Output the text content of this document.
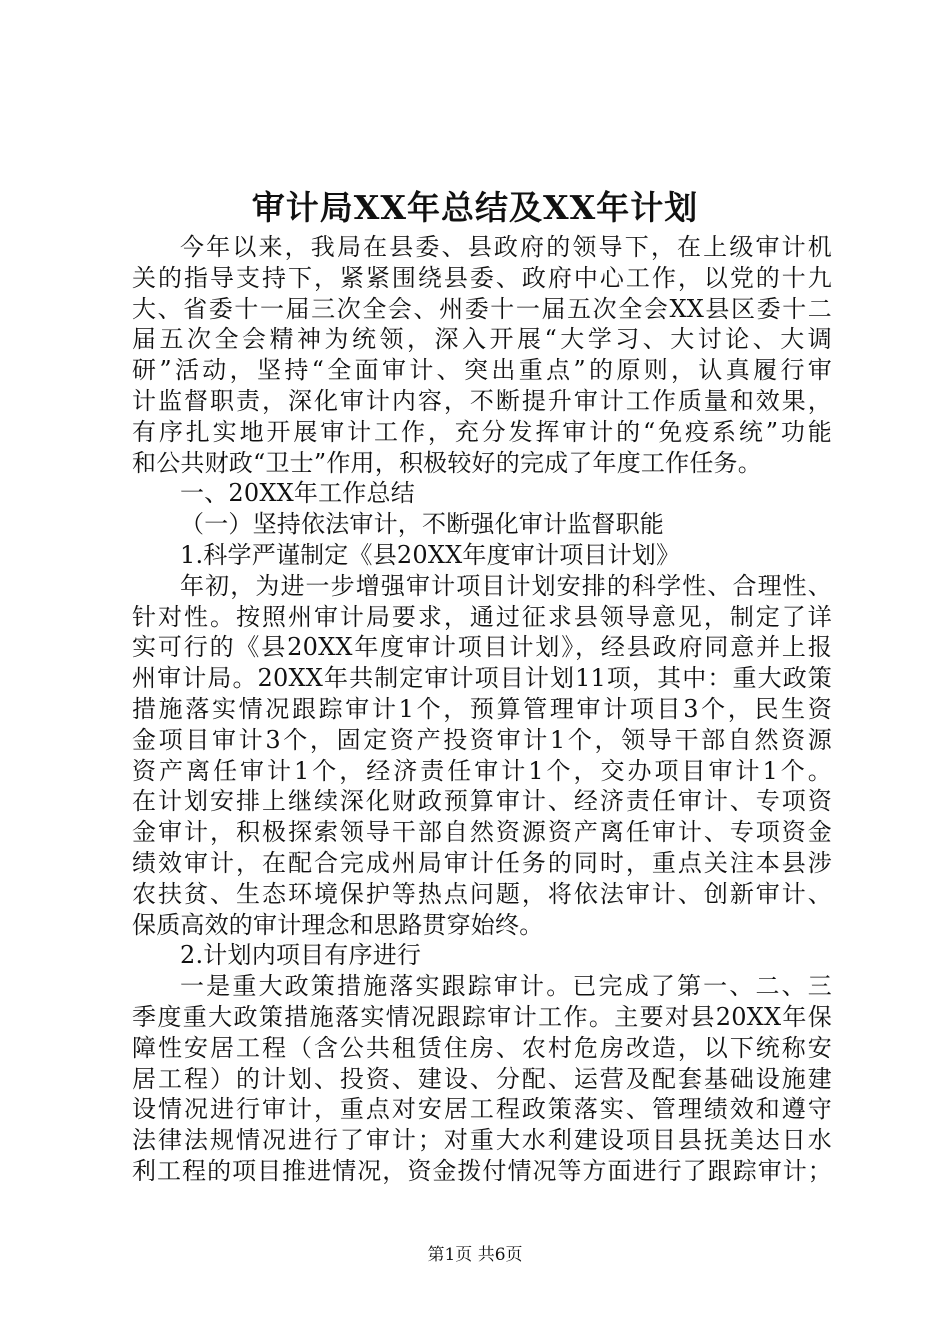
审计局XX年总结及XX年计划
今年以来，我局在县委、县政府的领导下，在上级审计机
关的指导支持下，紧紧围绕县委、政府中心工作，以党的十九
大、省委十一届三次全会、州委十一届五次全会XX县区委十二
届五次全会精神为统领，深入开展“大学习、大讨论、大调
研”活动，坚持“全面审计、突出重点”的原则，认真履行审
计监督职责，深化审计内容，不断提升审计工作质量和效果，
有序扎实地开展审计工作，充分发挥审计的“免疫系统”功能
和公共财政“卫士”作用，积极较好的完成了年度工作任务。
一、20XX年工作总结
（一）坚持依法审计，不断强化审计监督职能
1.科学严谨制定《县20XX年度审计项目计划》
年初，为进一步增强审计项目计划安排的科学性、合理性、
针对性。按照州审计局要求，通过征求县领导意见，制定了详
实可行的《县20XX年度审计项目计划》，经县政府同意并上报
州审计局。20XX年共制定审计项目计划11项，其中：重大政策
措施落实情况跟踪审计1个，预算管理审计项目3个，民生资
金项目审计3个，固定资产投资审计1个，领导干部自然资源
资产离任审计1个，经济责任审计1个，交办项目审计1个。
在计划安排上继续深化财政预算审计、经济责任审计、专项资
金审计，积极探索领导干部自然资源资产离任审计、专项资金
绩效审计，在配合完成州局审计任务的同时，重点关注本县涉
农扶贫、生态环境保护等热点问题，将依法审计、创新审计、
保质高效的审计理念和思路贯穿始终。
2.计划内项目有序进行
一是重大政策措施落实跟踪审计。已完成了第一、二、三
季度重大政策措施落实情况跟踪审计工作。主要对县20XX年保
障性安居工程（含公共租赁住房、农村危房改造，以下统称安
居工程）的计划、投资、建设、分配、运营及配套基础设施建
设情况进行审计，重点对安居工程政策落实、管理绩效和遵守
法律法规情况进行了审计；对重大水利建设项目县抚美达日水
利工程的项目推进情况，资金拨付情况等方面进行了跟踪审计；
第1页 共6页
